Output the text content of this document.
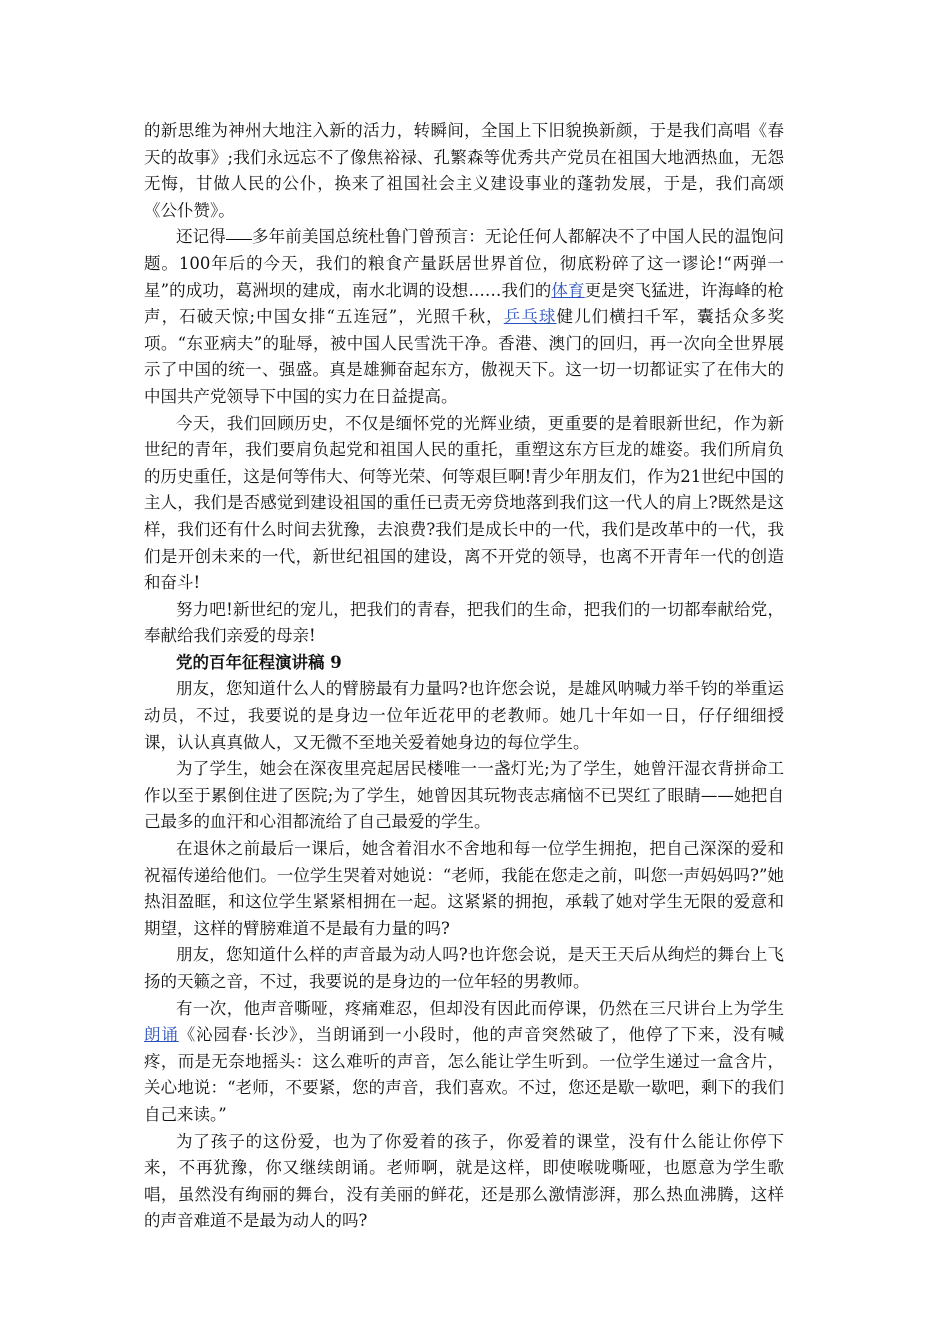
的新思维为神州大地注入新的活力，转瞬间，全国上下旧貌换新颜，于是我们高唱《春天的故事》;我们永远忘不了像焦裕禄、孔繁森等优秀共产党员在祖国大地洒热血，无怨无悔，甘做人民的公仆，换来了祖国社会主义建设事业的蓬勃发展，于是，我们高颂《公仆赞》。

还记得 多年前美国总统杜鲁门曾预言：无论任何人都解决不了中国人民的温饱问题。100年后的今天，我们的粮食产量跃居世界首位，彻底粉碎了这一谬论!“两弹一星”的成功，葛洲坝的建成，南水北调的设想……我们的体育更是突飞猛进，许海峰的枪声，石破天惊;中国女排“五连冠”，光照千秋，乒乓球健儿们横扫千军，囊括众多奖项。“东亚病夫”的耻辱，被中国人民雪洗干净。香港、澳门的回归，再一次向全世界展示了中国的统一、强盛。真是雄狮奋起东方，傲视天下。这一切一切都证实了在伟大的中国共产党领导下中国的实力在日益提高。

今天，我们回顾历史，不仅是缅怀党的光辉业绩，更重要的是着眼新世纪，作为新世纪的青年，我们要肩负起党和祖国人民的重托，重塑这东方巨龙的雄姿。我们所肩负的历史重任，这是何等伟大、何等光荣、何等艰巨啊!青少年朋友们，作为21世纪中国的主人，我们是否感觉到建设祖国的重任已责无旁贷地落到我们这一代人的肩上?既然是这样，我们还有什么时间去犹豫，去浪费?我们是成长中的一代，我们是改革中的一代，我们是开创未来的一代，新世纪祖国的建设，离不开党的领导，也离不开青年一代的创造和奋斗!

努力吧!新世纪的宠儿，把我们的青春，把我们的生命，把我们的一切都奉献给党，奉献给我们亲爱的母亲!

党的百年征程演讲稿 9

朋友，您知道什么人的臂膀最有力量吗?也许您会说，是雄风呐喊力举千钧的举重运动员，不过，我要说的是身边一位年近花甲的老教师。她几十年如一日，仔仔细细授课，认认真真做人，又无微不至地关爱着她身边的每位学生。

为了学生，她会在深夜里亮起居民楼唯一一盏灯光;为了学生，她曾汗湿衣背拼命工作以至于累倒住进了医院;为了学生，她曾因其玩物丧志痛恼不已哭红了眼睛——她把自己最多的血汗和心泪都流给了自己最爱的学生。

在退休之前最后一课后，她含着泪水不舍地和每一位学生拥抱，把自己深深的爱和祝福传递给他们。一位学生哭着对她说：“老师，我能在您走之前，叫您一声妈妈吗?”她热泪盈眶，和这位学生紧紧相拥在一起。这紧紧的拥抱，承载了她对学生无限的爱意和期望，这样的臂膀难道不是最有力量的吗?

朋友，您知道什么样的声音最为动人吗?也许您会说，是天王天后从绚烂的舞台上飞扬的天籁之音，不过，我要说的是身边的一位年轻的男教师。

有一次，他声音嘶哑，疼痛难忍，但却没有因此而停课，仍然在三尺讲台上为学生朗诵《沁园春·长沙》，当朗诵到一小段时，他的声音突然破了，他停了下来，没有喊疼，而是无奈地摇头：这么难听的声音，怎么能让学生听到。一位学生递过一盒含片，关心地说：“老师，不要紧，您的声音，我们喜欢。不过，您还是歇一歇吧，剩下的我们自己来读。”

为了孩子的这份爱，也为了你爱着的孩子，你爱着的课堂，没有什么能让你停下来，不再犹豫，你又继续朗诵。老师啊，就是这样，即使喉咙嘶哑，也愿意为学生歌唱，虽然没有绚丽的舞台，没有美丽的鲜花，还是那么激情澎湃，那么热血沸腾，这样的声音难道不是最为动人的吗?
